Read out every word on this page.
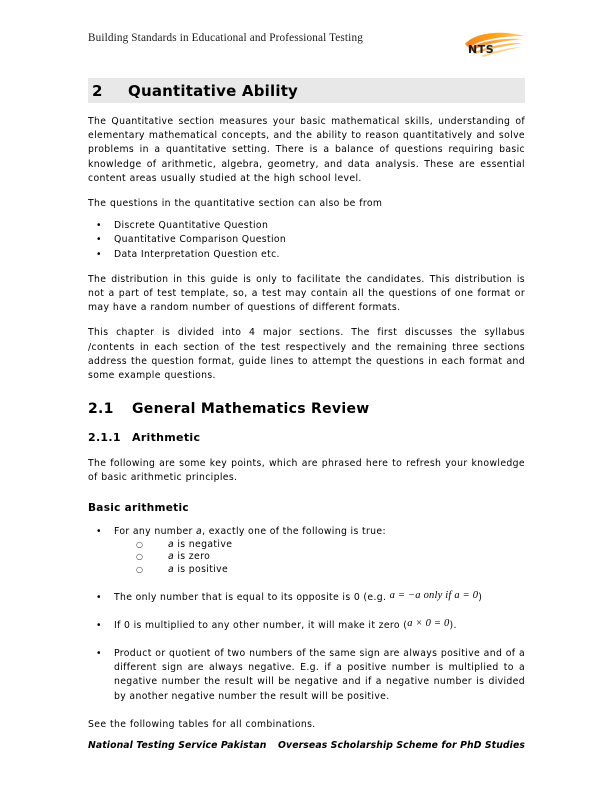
Building Standards in Educational and Professional Testing
NTS
2	Quantitative Ability

The Quantitative section measures your basic mathematical skills, understanding of elementary mathematical concepts, and the ability to reason quantitatively and solve problems in a quantitative setting. There is a balance of questions requiring basic knowledge of arithmetic, algebra, geometry, and data analysis. These are essential content areas usually studied at the high school level.

The questions in the quantitative section can also be from

• Discrete Quantitative Question
• Quantitative Comparison Question
• Data Interpretation Question etc.

The distribution in this guide is only to facilitate the candidates. This distribution is not a part of test template, so, a test may contain all the questions of one format or may have a random number of questions of different formats.

This chapter is divided into 4 major sections. The first discusses the syllabus /contents in each section of the test respectively and the remaining three sections address the question format, guide lines to attempt the questions in each format and some example questions.

2.1	General Mathematics Review
2.1.1	Arithmetic

The following are some key points, which are phrased here to refresh your knowledge of basic arithmetic principles.

Basic arithmetic
• For any number a, exactly one of the following is true:
○	a is negative
○	a is zero
○	a is positive
• The only number that is equal to its opposite is 0 (e.g. a = −a only if a = 0)
• If 0 is multiplied to any other number, it will make it zero (a × 0 = 0).
• Product or quotient of two numbers of the same sign are always positive and of a different sign are always negative. E.g. if a positive number is multiplied to a negative number the result will be negative and if a negative number is divided by another negative number the result will be positive.

See the following tables for all combinations.

National Testing Service Pakistan Overseas Scholarship Scheme for PhD Studies
